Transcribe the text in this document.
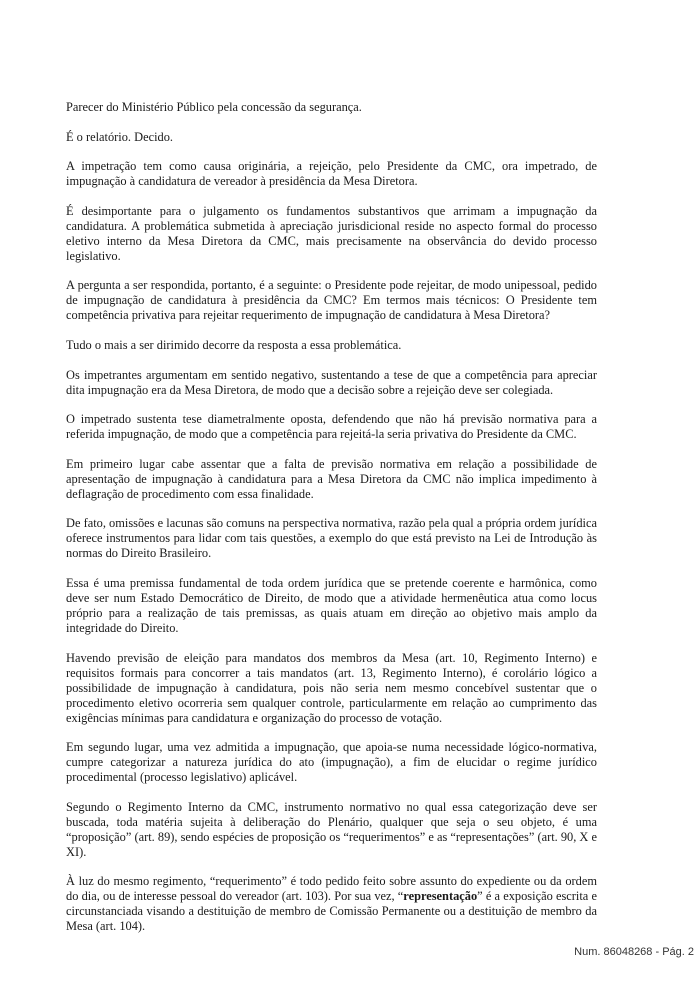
Parecer do Ministério Público pela concessão da segurança.

É o relatório. Decido.

A impetração tem como causa originária, a rejeição, pelo Presidente da CMC, ora impetrado, de impugnação à candidatura de vereador à presidência da Mesa Diretora.

É desimportante para o julgamento os fundamentos substantivos que arrimam a impugnação da candidatura. A problemática submetida à apreciação jurisdicional reside no aspecto formal do processo eletivo interno da Mesa Diretora da CMC, mais precisamente na observância do devido processo legislativo.

A pergunta a ser respondida, portanto, é a seguinte: o Presidente pode rejeitar, de modo unipessoal, pedido de impugnação de candidatura à presidência da CMC? Em termos mais técnicos: O Presidente tem competência privativa para rejeitar requerimento de impugnação de candidatura à Mesa Diretora?

Tudo o mais a ser dirimido decorre da resposta a essa problemática.

Os impetrantes argumentam em sentido negativo, sustentando a tese de que a competência para apreciar dita impugnação era da Mesa Diretora, de modo que a decisão sobre a rejeição deve ser colegiada.

O impetrado sustenta tese diametralmente oposta, defendendo que não há previsão normativa para a referida impugnação, de modo que a competência para rejeitá-la seria privativa do Presidente da CMC.

Em primeiro lugar cabe assentar que a falta de previsão normativa em relação a possibilidade de apresentação de impugnação à candidatura para a Mesa Diretora da CMC não implica impedimento à deflagração de procedimento com essa finalidade.

De fato, omissões e lacunas são comuns na perspectiva normativa, razão pela qual a própria ordem jurídica oferece instrumentos para lidar com tais questões, a exemplo do que está previsto na Lei de Introdução às normas do Direito Brasileiro.

Essa é uma premissa fundamental de toda ordem jurídica que se pretende coerente e harmônica, como deve ser num Estado Democrático de Direito, de modo que a atividade hermenêutica atua como locus próprio para a realização de tais premissas, as quais atuam em direção ao objetivo mais amplo da integridade do Direito.

Havendo previsão de eleição para mandatos dos membros da Mesa (art. 10, Regimento Interno) e requisitos formais para concorrer a tais mandatos (art. 13, Regimento Interno), é corolário lógico a possibilidade de impugnação à candidatura, pois não seria nem mesmo concebível sustentar que o procedimento eletivo ocorreria sem qualquer controle, particularmente em relação ao cumprimento das exigências mínimas para candidatura e organização do processo de votação.

Em segundo lugar, uma vez admitida a impugnação, que apoia-se numa necessidade lógico-normativa, cumpre categorizar a natureza jurídica do ato (impugnação), a fim de elucidar o regime jurídico procedimental (processo legislativo) aplicável.

Segundo o Regimento Interno da CMC, instrumento normativo no qual essa categorização deve ser buscada, toda matéria sujeita à deliberação do Plenário, qualquer que seja o seu objeto, é uma “proposição” (art. 89), sendo espécies de proposição os “requerimentos” e as “representações” (art. 90, X e XI).

À luz do mesmo regimento, “requerimento” é todo pedido feito sobre assunto do expediente ou da ordem do dia, ou de interesse pessoal do vereador (art. 103). Por sua vez, “representação” é a exposição escrita e circunstanciada visando a destituição de membro de Comissão Permanente ou a destituição de membro da Mesa (art. 104).

Num. 86048268 - Pág. 2
